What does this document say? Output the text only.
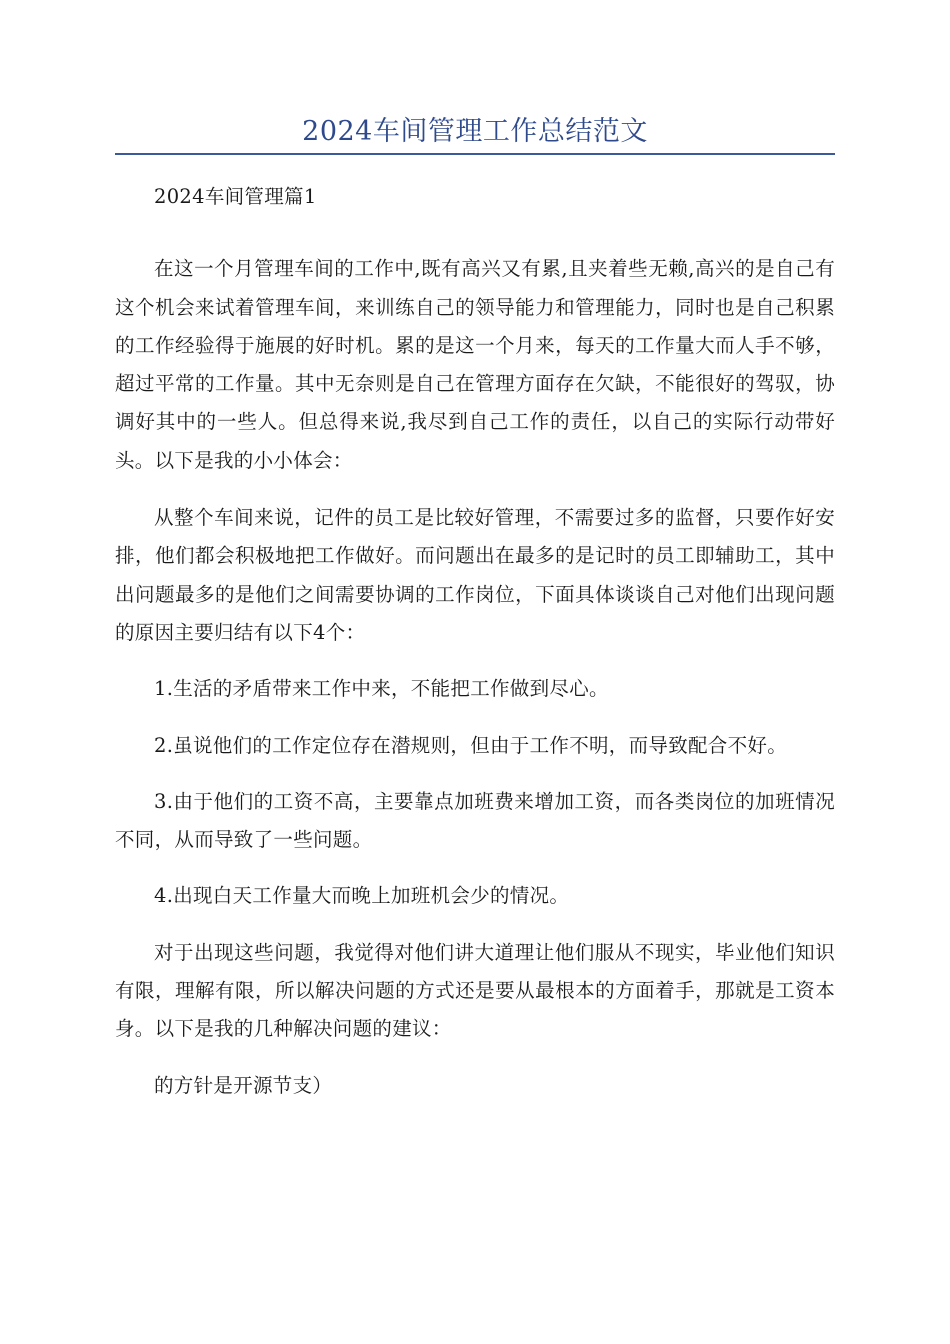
2024车间管理工作总结范文

2024车间管理篇1

在这一个月管理车间的工作中,既有高兴又有累,且夹着些无赖,高兴的是自己有这个机会来试着管理车间，来训练自己的领导能力和管理能力，同时也是自己积累的工作经验得于施展的好时机。累的是这一个月来，每天的工作量大而人手不够，超过平常的工作量。其中无奈则是自己在管理方面存在欠缺，不能很好的驾驭，协调好其中的一些人。但总得来说,我尽到自己工作的责任，以自己的实际行动带好头。以下是我的小小体会：

从整个车间来说，记件的员工是比较好管理，不需要过多的监督，只要作好安排，他们都会积极地把工作做好。而问题出在最多的是记时的员工即辅助工，其中出问题最多的是他们之间需要协调的工作岗位，下面具体谈谈自己对他们出现问题的原因主要归结有以下4个：

1.生活的矛盾带来工作中来，不能把工作做到尽心。

2.虽说他们的工作定位存在潜规则，但由于工作不明，而导致配合不好。

3.由于他们的工资不高，主要靠点加班费来增加工资，而各类岗位的加班情况不同，从而导致了一些问题。

4.出现白天工作量大而晚上加班机会少的情况。

对于出现这些问题，我觉得对他们讲大道理让他们服从不现实，毕业他们知识有限，理解有限，所以解决问题的方式还是要从最根本的方面着手，那就是工资本身。以下是我的几种解决问题的建议：

的方针是开源节支）
